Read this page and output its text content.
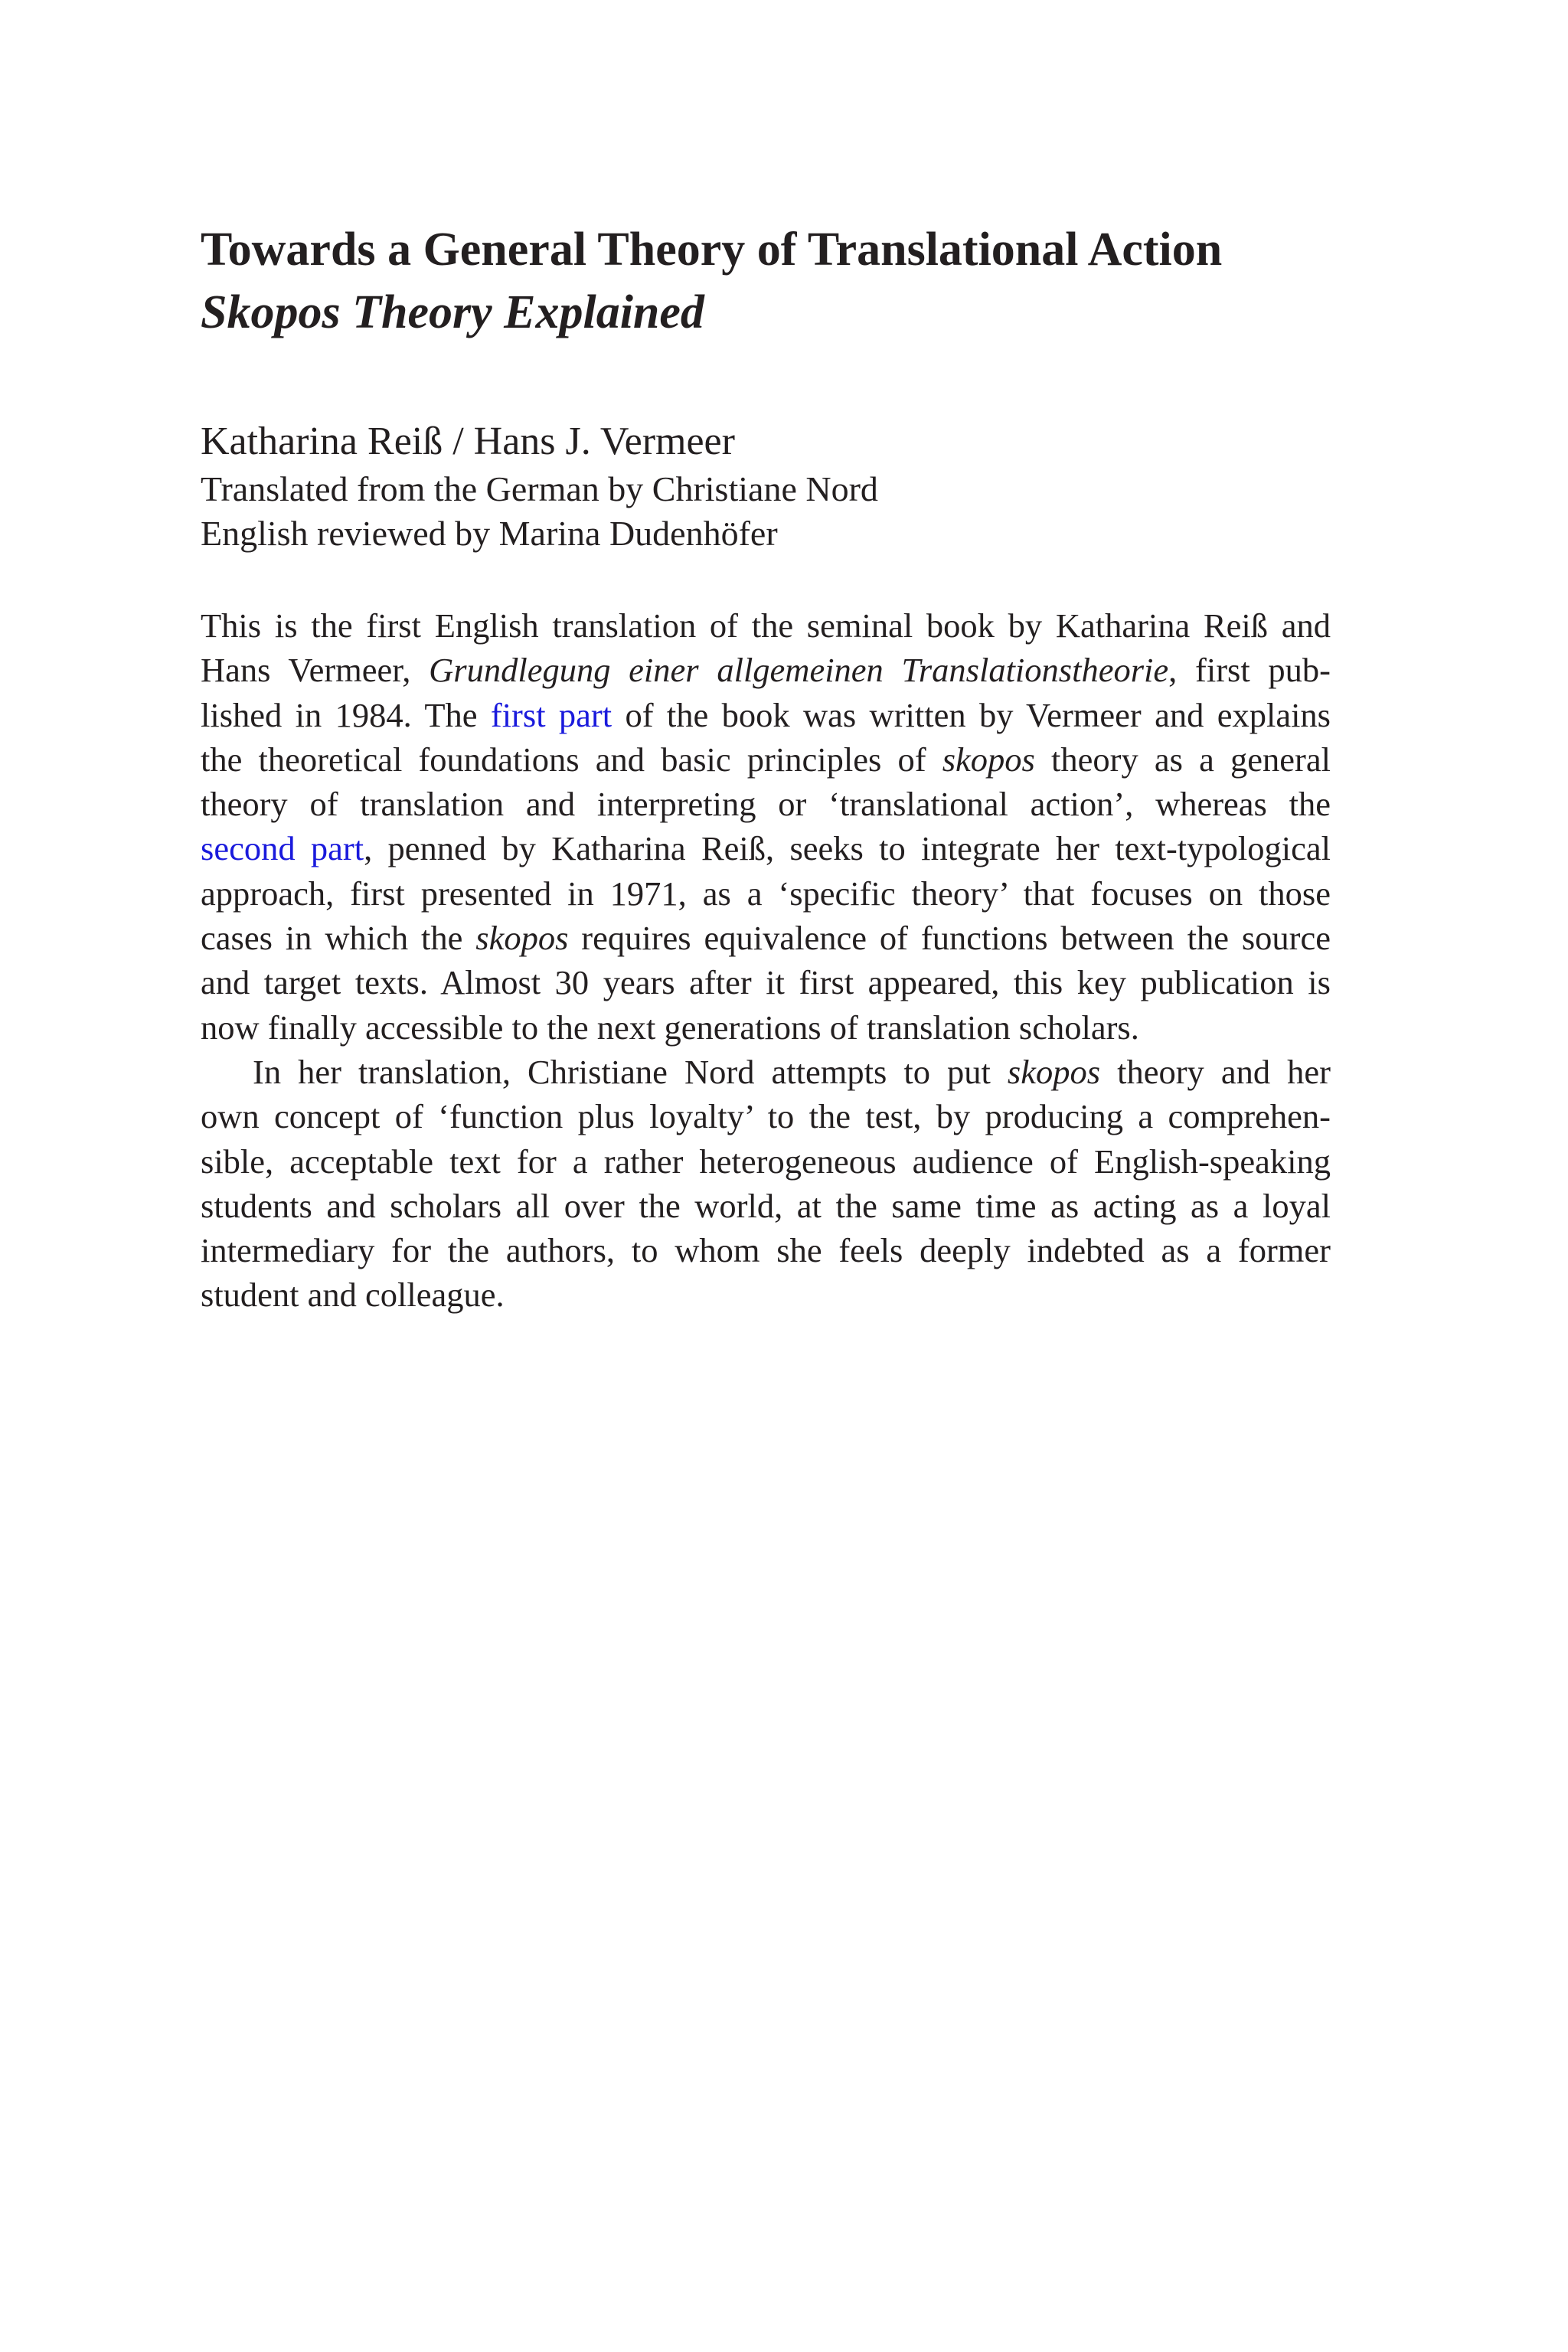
Towards a General Theory of Translational Action
Skopos Theory Explained
Katharina Reiß / Hans J. Vermeer
Translated from the German by Christiane Nord
English reviewed by Marina Dudenhöfer
This is the first English translation of the seminal book by Katharina Reiß and
Hans Vermeer, Grundlegung einer allgemeinen Translationstheorie, first pub-
lished in 1984. The first part of the book was written by Vermeer and explains
the theoretical foundations and basic principles of skopos theory as a general
theory of translation and interpreting or ‘translational action’, whereas the
second part, penned by Katharina Reiß, seeks to integrate her text-typological
approach, first presented in 1971, as a ‘specific theory’ that focuses on those
cases in which the skopos requires equivalence of functions between the source
and target texts. Almost 30 years after it first appeared, this key publication is
now finally accessible to the next generations of translation scholars.
In her translation, Christiane Nord attempts to put skopos theory and her
own concept of ‘function plus loyalty’ to the test, by producing a comprehen-
sible, acceptable text for a rather heterogeneous audience of English-speaking
students and scholars all over the world, at the same time as acting as a loyal
intermediary for the authors, to whom she feels deeply indebted as a former
student and colleague.
